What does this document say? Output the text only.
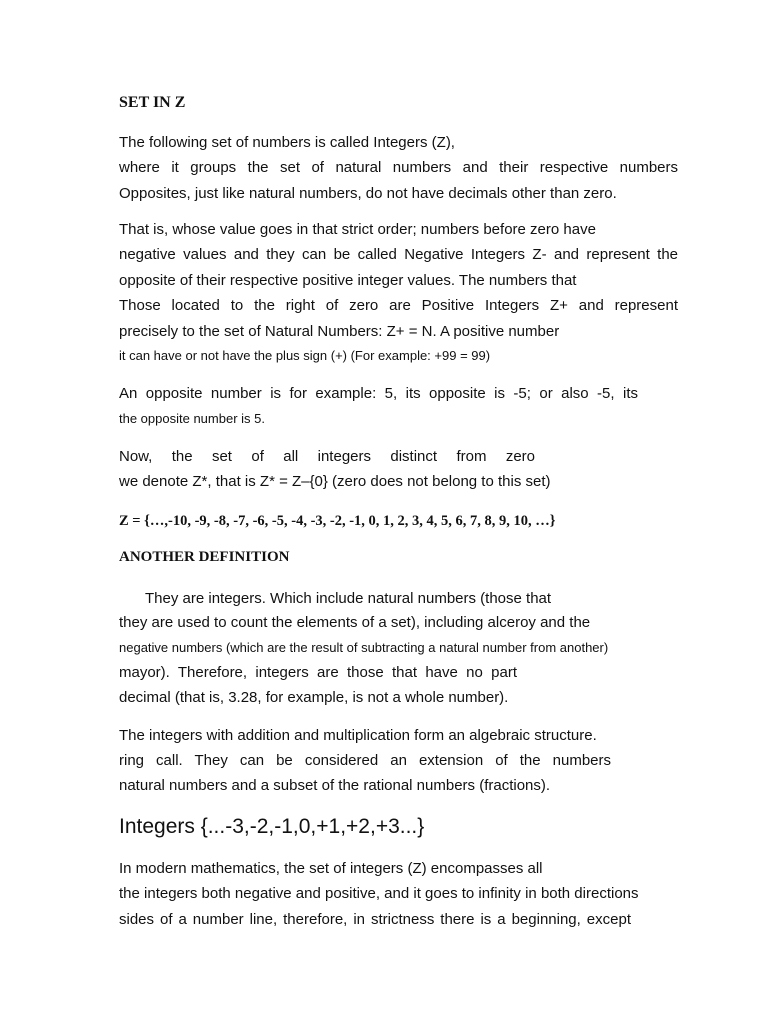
SET IN Z

The following set of numbers is called Integers (Z),

where it groups the set of natural numbers and their respective numbers

Opposites, just like natural numbers, do not have decimals other than zero.

That is, whose value goes in that strict order; numbers before zero have

negative values and they can be called Negative Integers Z- and represent the

opposite of their respective positive integer values. The numbers that

Those located to the right of zero are Positive Integers Z+ and represent

precisely to the set of Natural Numbers: Z+ = N. A positive number

it can have or not have the plus sign (+) (For example: +99 = 99)

An opposite number is for example: 5, its opposite is -5; or also -5, its

the opposite number is 5.

Now, the set of all integers distinct from zero

we denote Z*, that is Z* = Z–{0} (zero does not belong to this set)

Z = {…,-10, -9, -8, -7, -6, -5, -4, -3, -2, -1, 0, 1, 2, 3, 4, 5, 6, 7, 8, 9, 10, …}

ANOTHER DEFINITION

They are integers. Which include natural numbers (those that

they are used to count the elements of a set), including alceroy and the

negative numbers (which are the result of subtracting a natural number from another)

mayor). Therefore, integers are those that have no part

decimal (that is, 3.28, for example, is not a whole number).

The integers with addition and multiplication form an algebraic structure.

ring call. They can be considered an extension of the numbers

natural numbers and a subset of the rational numbers (fractions).

Integers {...-3,-2,-1,0,+1,+2,+3...}

In modern mathematics, the set of integers (Z) encompasses all

the integers both negative and positive, and it goes to infinity in both directions

sides of a number line, therefore, in strictness there is a beginning, except
